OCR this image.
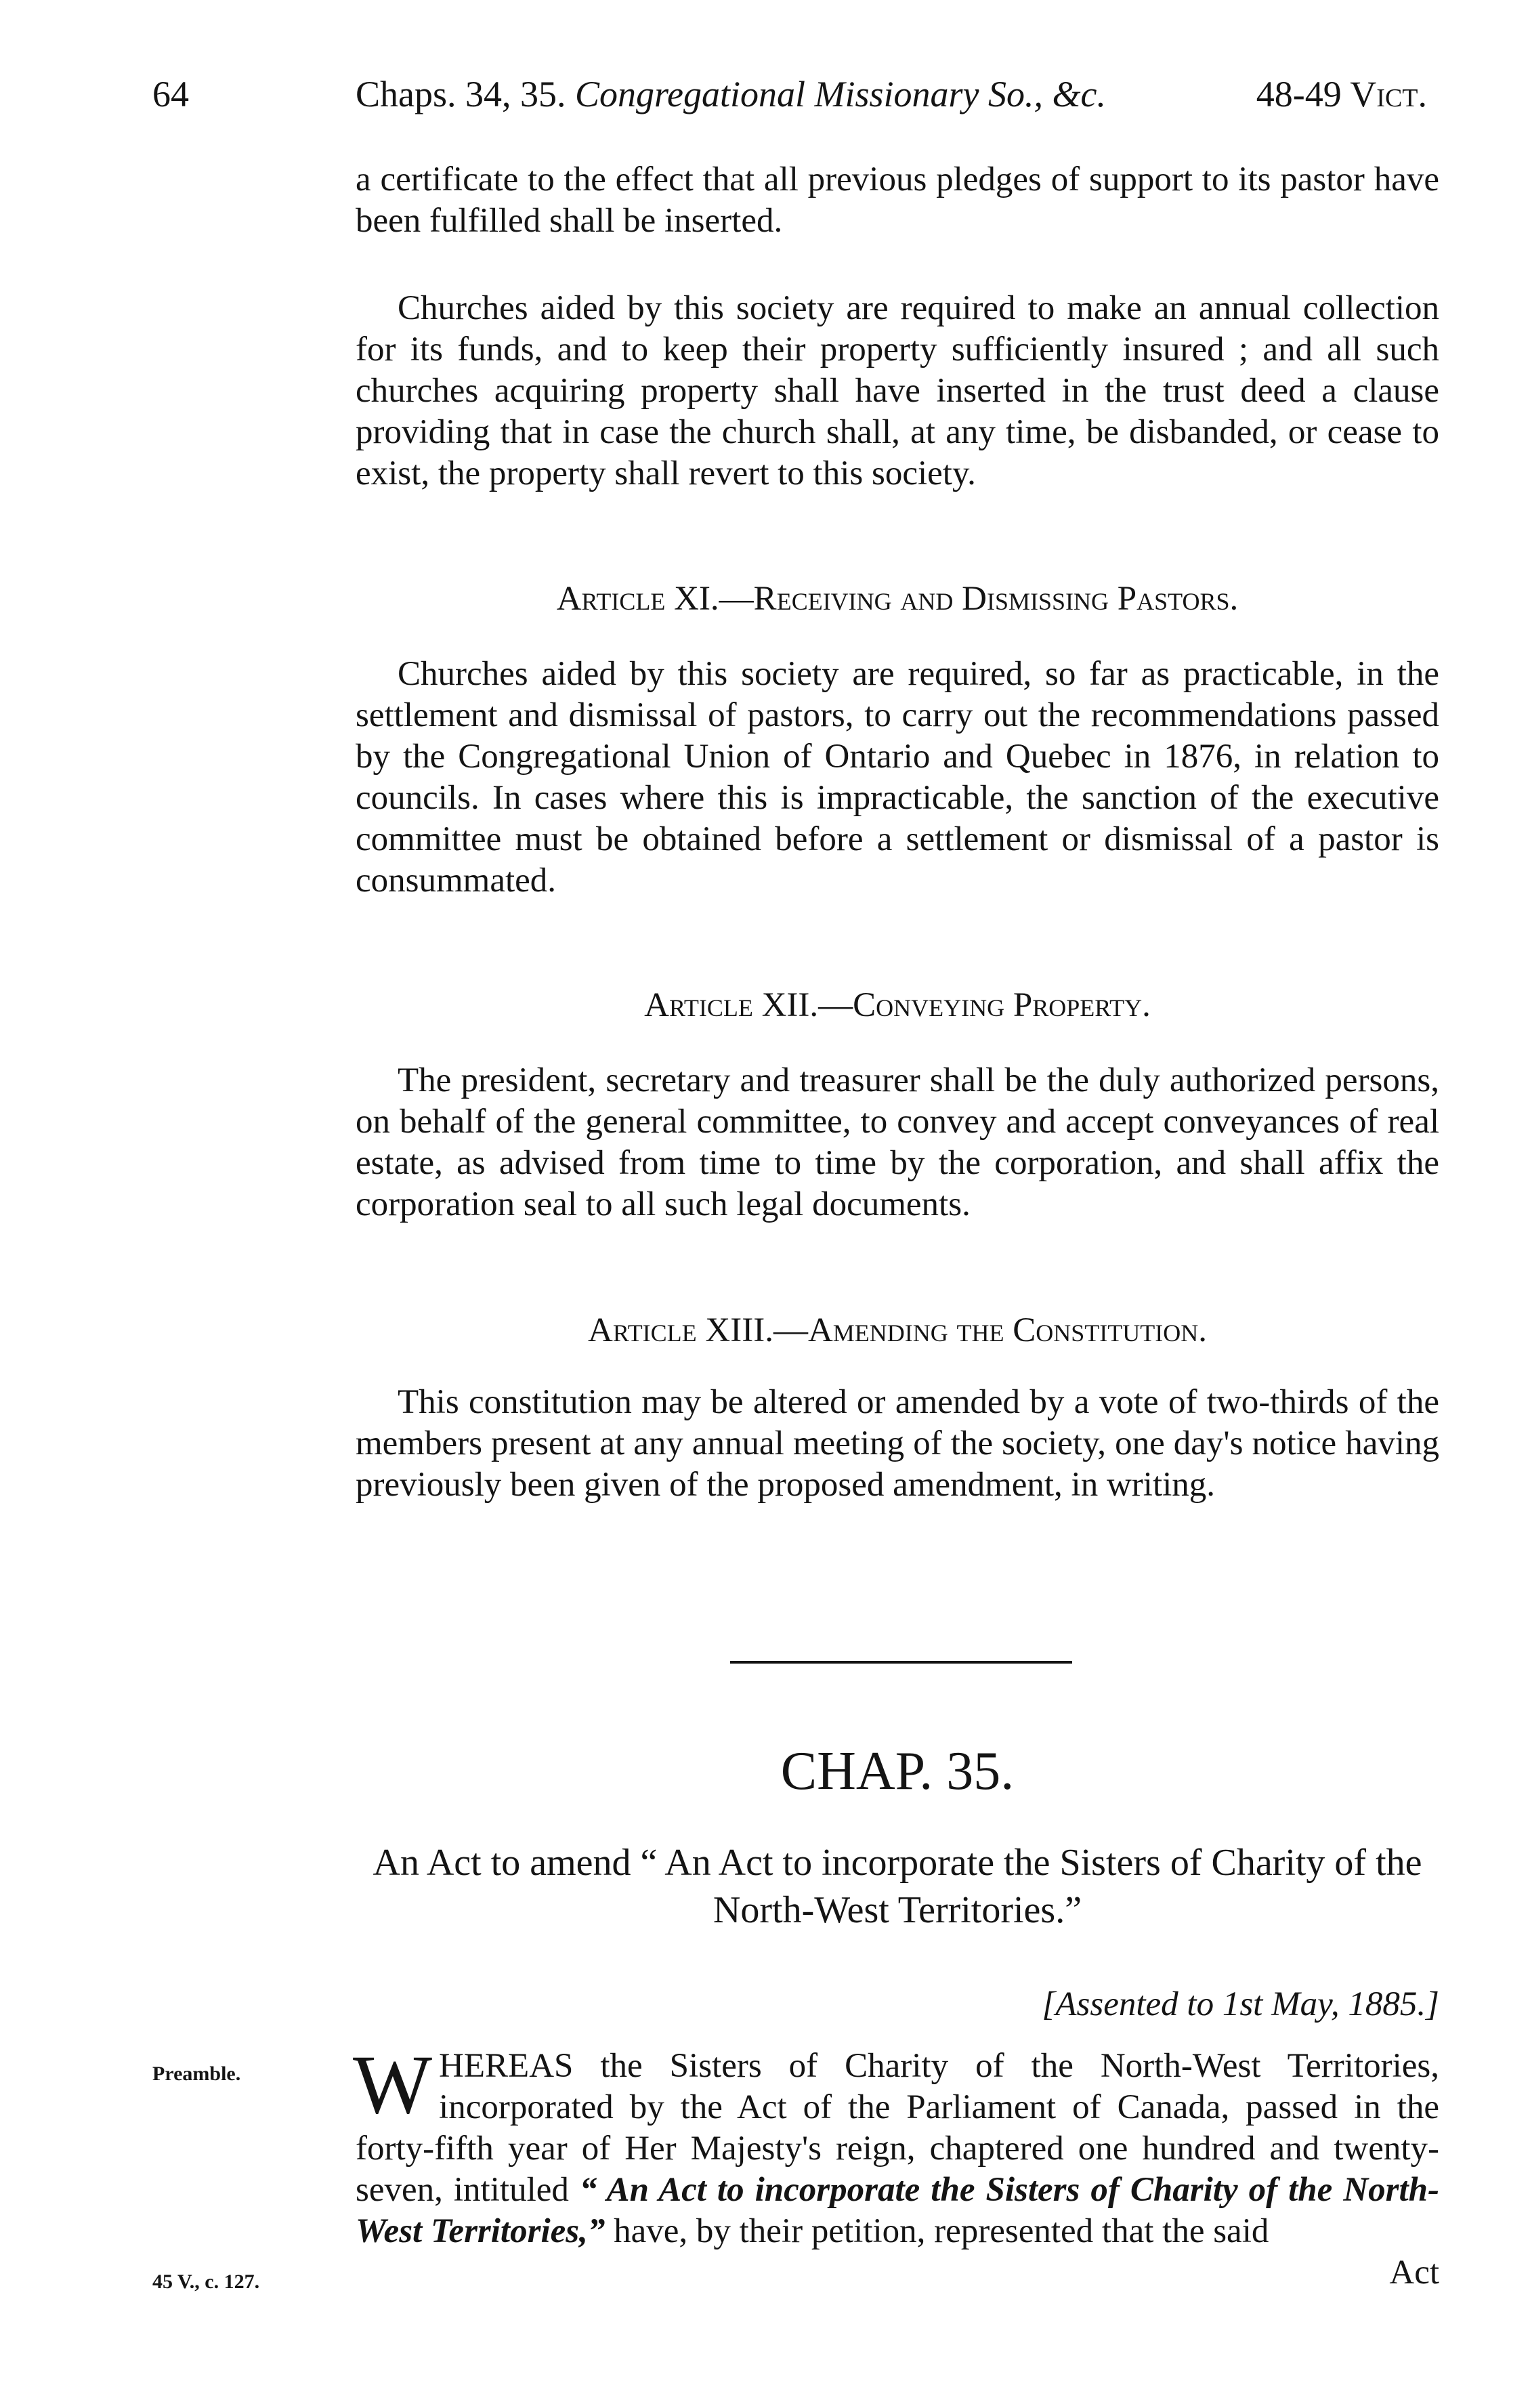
64	Chaps. 34, 35. Congregational Missionary So., &c.	48-49 Vict.

a certificate to the effect that all previous pledges of support to its pastor have been fulfilled shall be inserted.

Churches aided by this society are required to make an annual collection for its funds, and to keep their property sufficiently insured ; and all such churches acquiring property shall have inserted in the trust deed a clause providing that in case the church shall, at any time, be disbanded, or cease to exist, the property shall revert to this society.

Article XI.—Receiving and Dismissing Pastors.

Churches aided by this society are required, so far as practicable, in the settlement and dismissal of pastors, to carry out the recommendations passed by the Congregational Union of Ontario and Quebec in 1876, in relation to councils. In cases where this is impracticable, the sanction of the executive committee must be obtained before a settlement or dismissal of a pastor is consummated.

Article XII.—Conveying Property.

The president, secretary and treasurer shall be the duly authorized persons, on behalf of the general committee, to convey and accept conveyances of real estate, as advised from time to time by the corporation, and shall affix the corporation seal to all such legal documents.

Article XIII.—Amending the Constitution.

This constitution may be altered or amended by a vote of two-thirds of the members present at any annual meeting of the society, one day's notice having previously been given of the proposed amendment, in writing.

CHAP. 35.
An Act to amend “ An Act to incorporate the Sisters of Charity of the North-West Territories.”
[Assented to 1st May, 1885.]
Preamble.
45 V., c. 127.

WHEREAS the Sisters of Charity of the North-West Territories, incorporated by the Act of the Parliament of Canada, passed in the forty-fifth year of Her Majesty's reign, chaptered one hundred and twenty-seven, intituled “ An Act to incorporate the Sisters of Charity of the North-West Territories,” have, by their petition, represented that the said

Act
